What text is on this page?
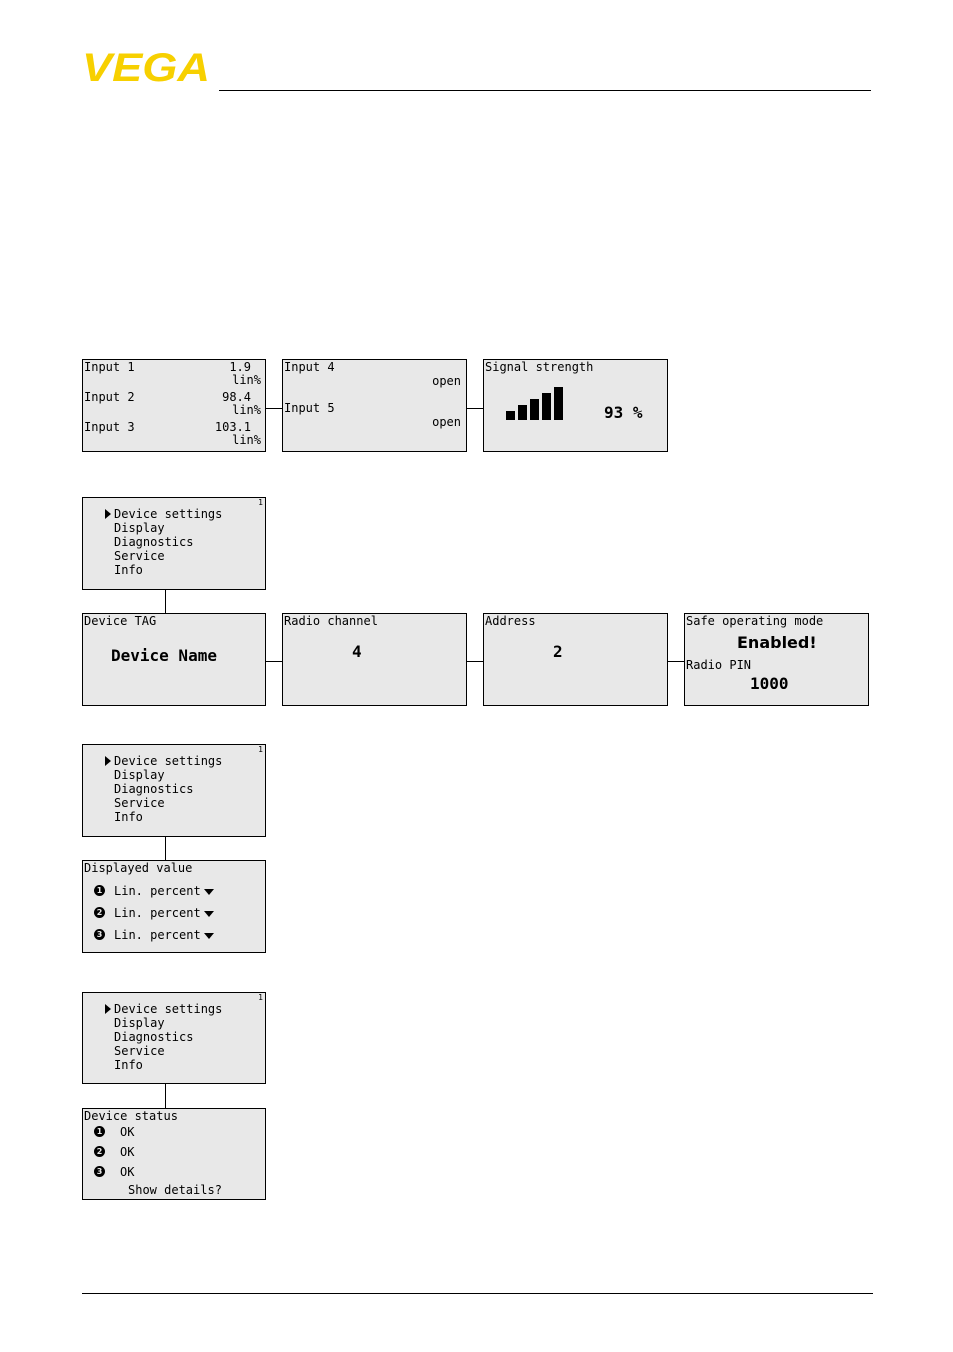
VEGA
Input 1	1.9
lin%
Input 2	98.4
lin%
Input 3	103.1
lin%
Input 4
open
Input 5
open
Signal strength
93 %
1
Device settings
Display
Diagnostics
Service
Info
Device TAG
Device Name
Radio channel
4
Address
2
Safe operating mode
Enabled!
Radio PIN
1000
1
Device settings
Display
Diagnostics
Service
Info
Displayed value
1 Lin. percent
2 Lin. percent
3 Lin. percent
1
Device settings
Display
Diagnostics
Service
Info
Device status
1 OK
2 OK
3 OK
Show details?
